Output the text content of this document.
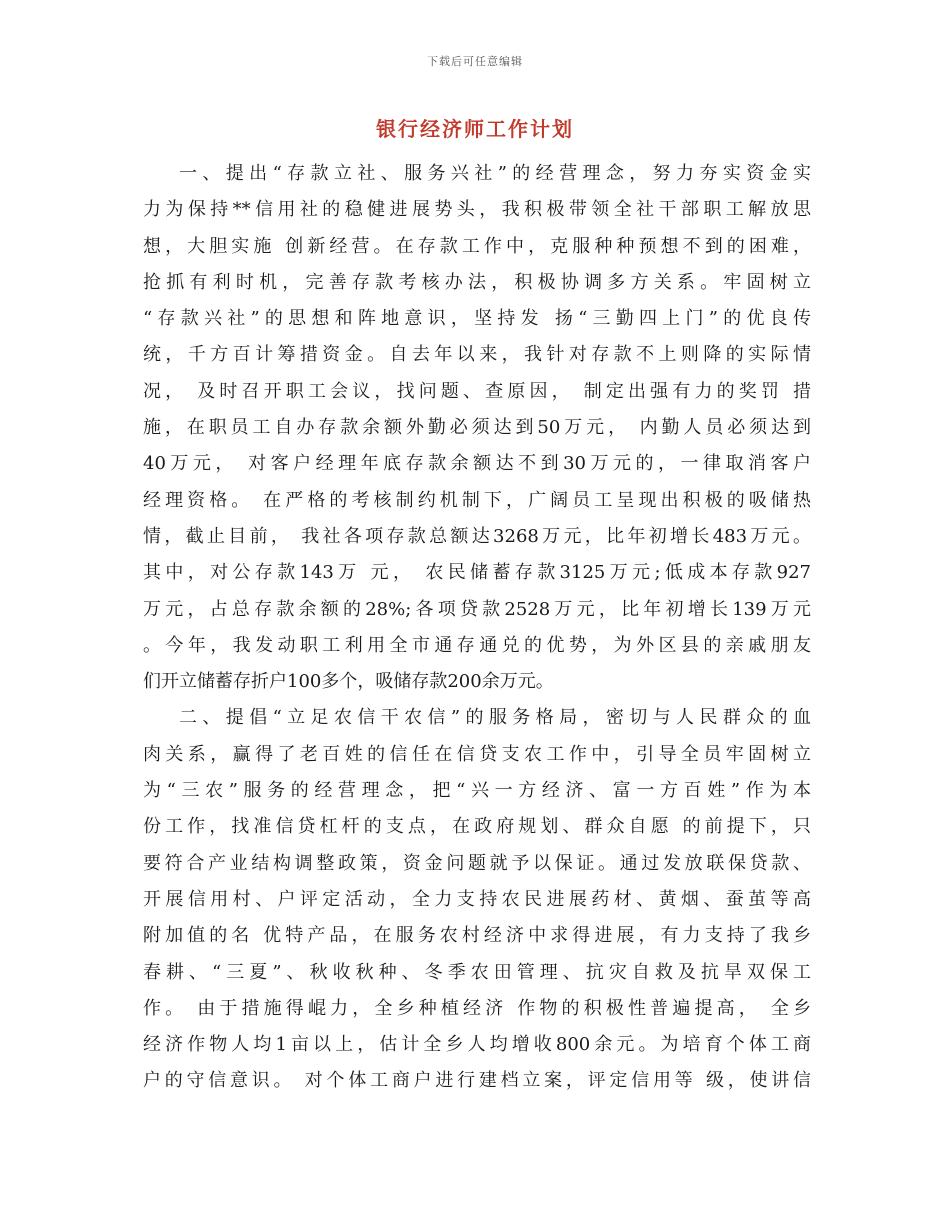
下载后可任意编辑
银行经济师工作计划
一、提出“存款立社、服务兴社”的经营理念，努力夯实资金实
力为保持**信用社的稳健进展势头，我积极带领全社干部职工解放思
想，大胆实施 创新经营。在存款工作中，克服种种预想不到的困难，
抢抓有利时机，完善存款考核办法，积极协调多方关系。牢固树立
“存款兴社”的思想和阵地意识，坚持发 扬“三勤四上门”的优良传
统，千方百计筹措资金。自去年以来，我针对存款不上则降的实际情
况， 及时召开职工会议，找问题、查原因， 制定出强有力的奖罚 措
施，在职员工自办存款余额外勤必须达到50万元， 内勤人员必须达到
40万元， 对客户经理年底存款余额达不到30万元的，一律取消客户
经理资格。 在严格的考核制约机制下，广阔员工呈现出积极的吸储热
情，截止目前， 我社各项存款总额达3268万元，比年初增长483万元。
其中，对公存款143万 元， 农民储蓄存款3125万元;低成本存款927
万元，占总存款余额的28%;各项贷款2528万元，比年初增长139万元
。今年，我发动职工利用全市通存通兑的优势，为外区县的亲戚朋友
们开立储蓄存折户100多个，吸储存款200余万元。
二、提倡“立足农信干农信”的服务格局，密切与人民群众的血
肉关系，赢得了老百姓的信任在信贷支农工作中，引导全员牢固树立
为“三农”服务的经营理念，把“兴一方经济、富一方百姓”作为本
份工作，找准信贷杠杆的支点，在政府规划、群众自愿 的前提下，只
要符合产业结构调整政策，资金问题就予以保证。通过发放联保贷款、
开展信用村、户评定活动，全力支持农民进展药材、黄烟、蚕茧等高
附加值的名 优特产品，在服务农村经济中求得进展，有力支持了我乡
春耕、“三夏”、秋收秋种、冬季农田管理、抗灾自救及抗旱双保工
作。 由于措施得崐力，全乡种植经济 作物的积极性普遍提高， 全乡
经济作物人均1亩以上，估计全乡人均增收800余元。为培育个体工商
户的守信意识。 对个体工商户进行建档立案，评定信用等 级，使讲信
